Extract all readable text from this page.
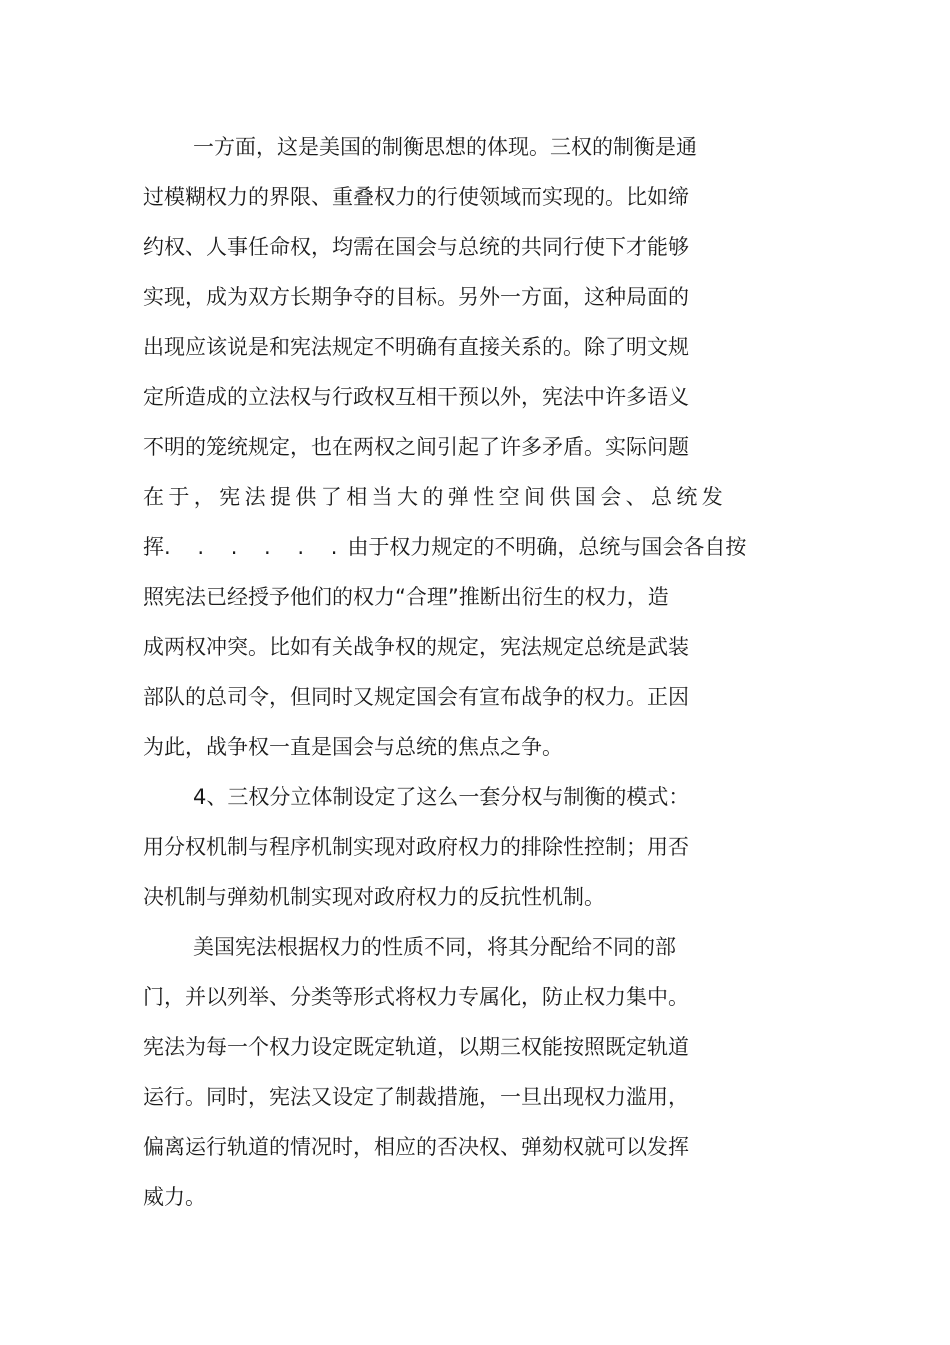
一方面，这是美国的制衡思想的体现。三权的制衡是通
过模糊权力的界限、重叠权力的行使领域而实现的。比如缔
约权、人事任命权，均需在国会与总统的共同行使下才能够
实现，成为双方长期争夺的目标。另外一方面，这种局面的
出现应该说是和宪法规定不明确有直接关系的。除了明文规
定所造成的立法权与行政权互相干预以外，宪法中许多语义
不明的笼统规定，也在两权之间引起了许多矛盾。实际问题
在于，宪法提供了相当大的弹性空间供国会、总统发
挥. . . . . .由于权力规定的不明确，总统与国会各自按
照宪法已经授予他们的权力“合理”推断出衍生的权力，造
成两权冲突。比如有关战争权的规定，宪法规定总统是武装
部队的总司令，但同时又规定国会有宣布战争的权力。正因
为此，战争权一直是国会与总统的焦点之争。
4、三权分立体制设定了这么一套分权与制衡的模式：
用分权机制与程序机制实现对政府权力的排除性控制；用否
决机制与弹劾机制实现对政府权力的反抗性机制。
美国宪法根据权力的性质不同，将其分配给不同的部
门，并以列举、分类等形式将权力专属化，防止权力集中。
宪法为每一个权力设定既定轨道，以期三权能按照既定轨道
运行。同时，宪法又设定了制裁措施，一旦出现权力滥用，
偏离运行轨道的情况时，相应的否决权、弹劾权就可以发挥
威力。
